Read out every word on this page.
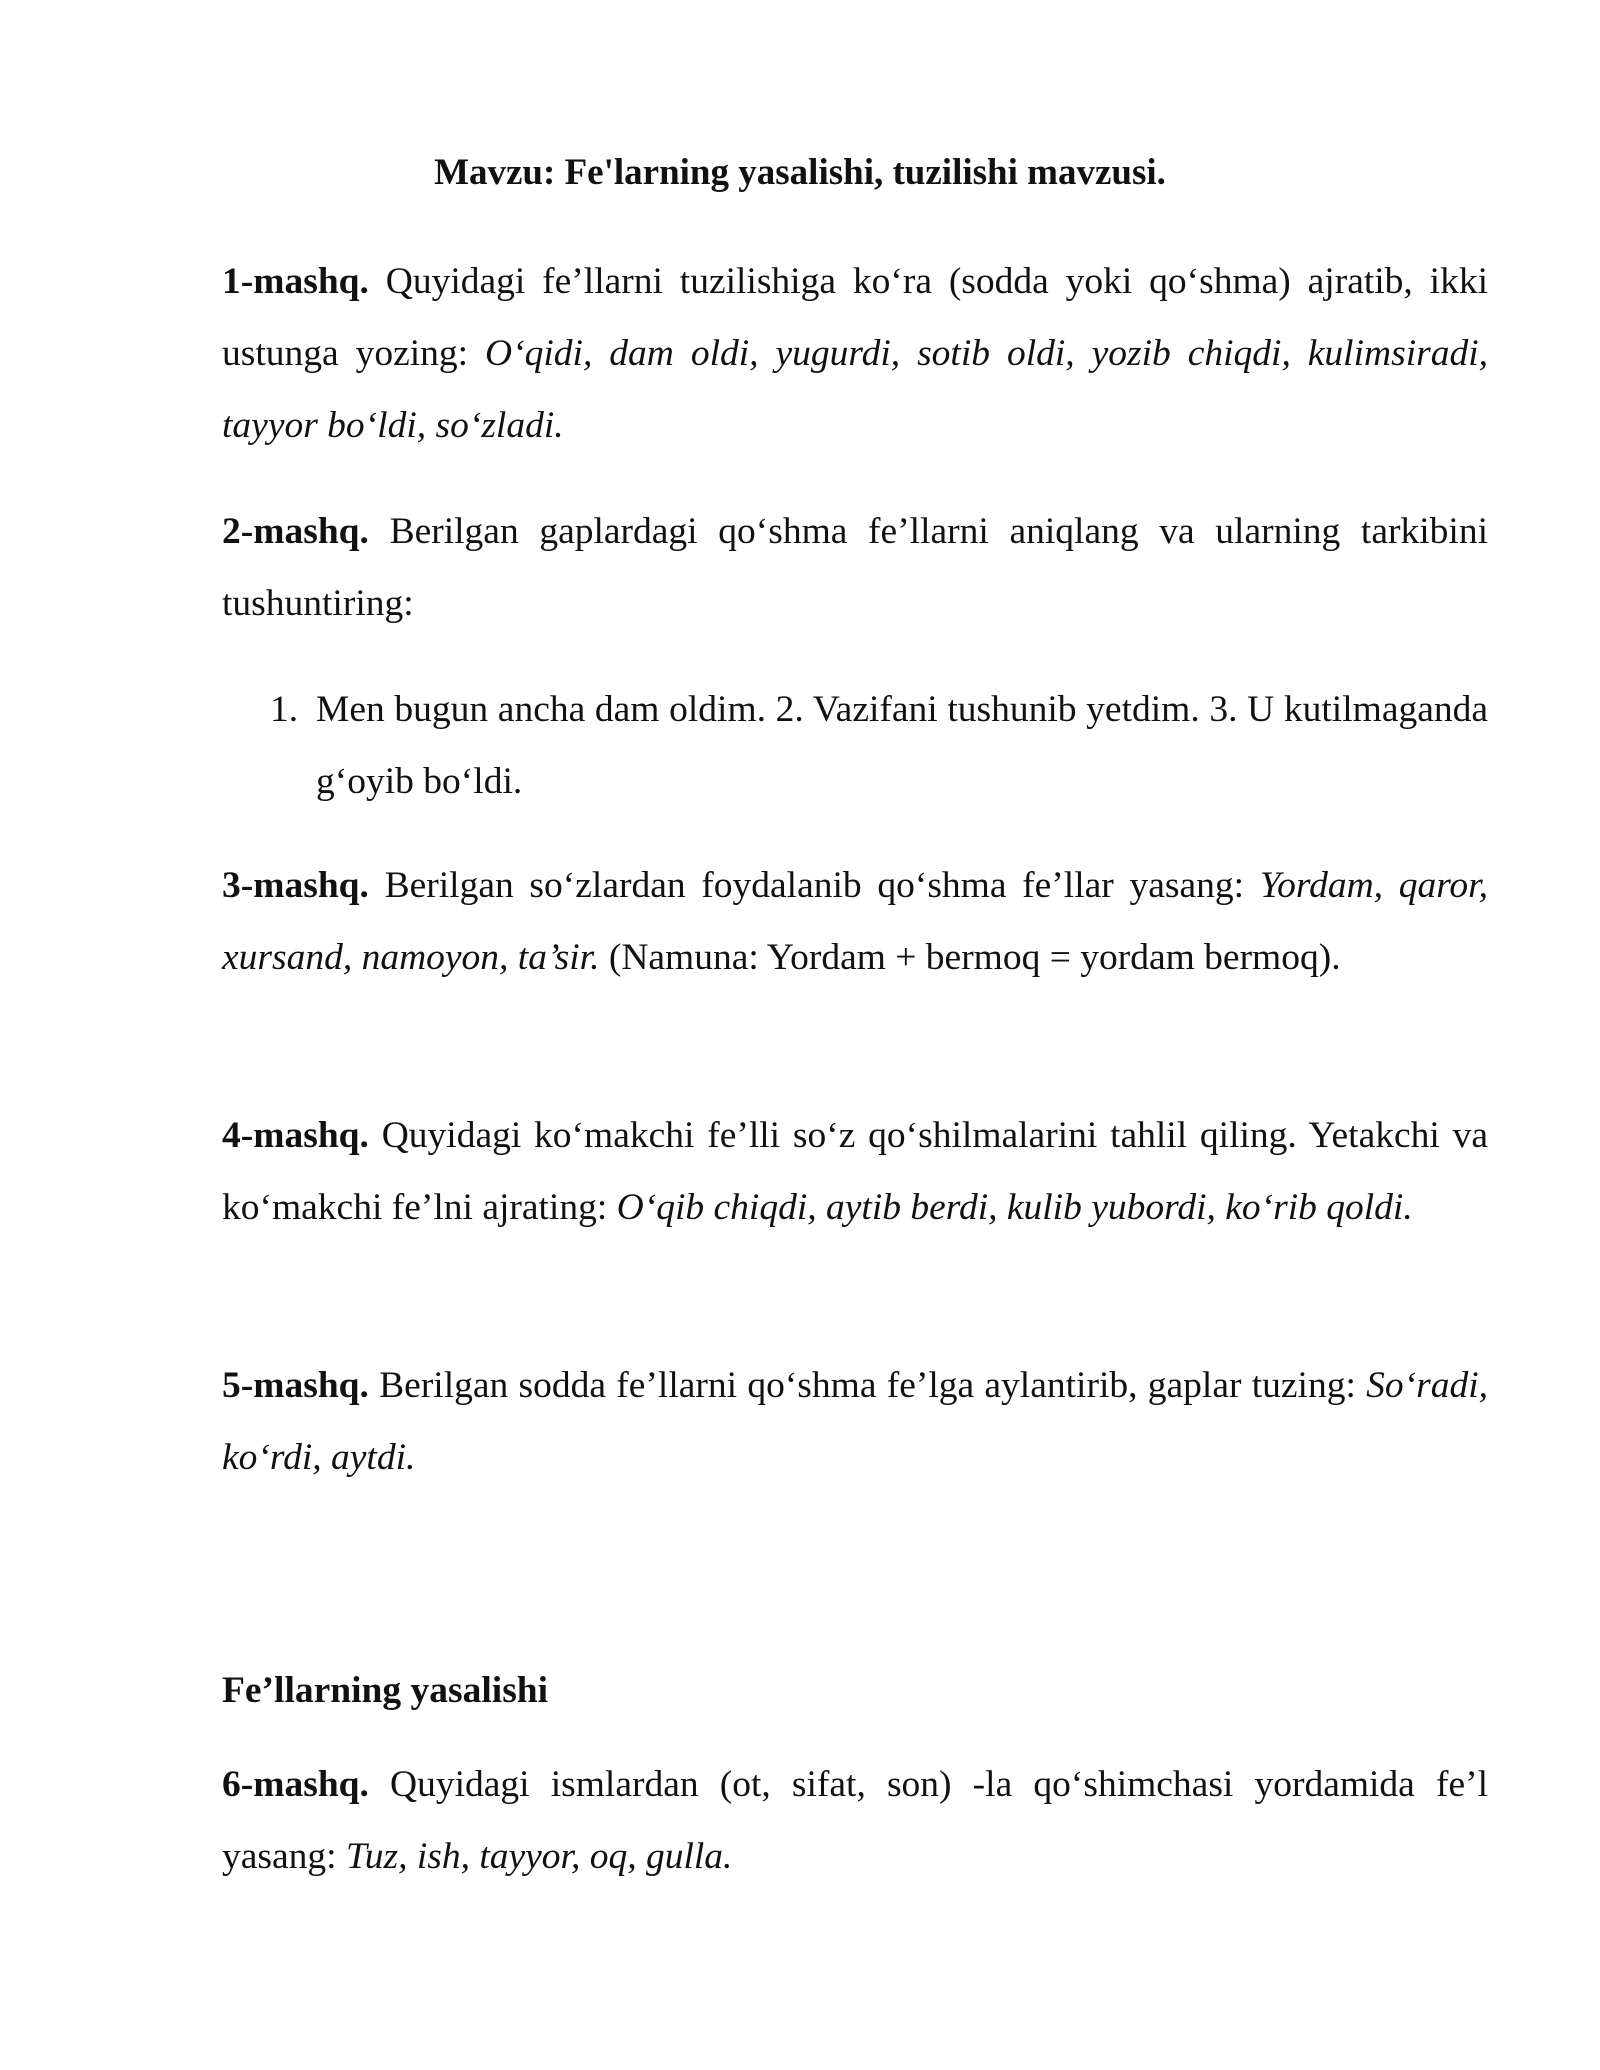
Mavzu: Fe'larning yasalishi, tuzilishi mavzusi.

1-mashq. Quyidagi fe’llarni tuzilishiga ko‘ra (sodda yoki qo‘shma) ajratib, ikki ustunga yozing: O‘qidi, dam oldi, yugurdi, sotib oldi, yozib chiqdi, kulimsiradi, tayyor bo‘ldi, so‘zladi.

2-mashq. Berilgan gaplardagi qo‘shma fe’llarni aniqlang va ularning tarkibini tushuntiring:

1. Men bugun ancha dam oldim. 2. Vazifani tushunib yetdim. 3. U kutilmaganda g‘oyib bo‘ldi.

3-mashq. Berilgan so‘zlardan foydalanib qo‘shma fe’llar yasang: Yordam, qaror, xursand, namoyon, ta’sir. (Namuna: Yordam + bermoq = yordam bermoq).

4-mashq. Quyidagi ko‘makchi fe’lli so‘z qo‘shilmalarini tahlil qiling. Yetakchi va ko‘makchi fe’lni ajrating: O‘qib chiqdi, aytib berdi, kulib yubordi, ko‘rib qoldi.

5-mashq. Berilgan sodda fe’llarni qo‘shma fe’lga aylantirib, gaplar tuzing: So‘radi, ko‘rdi, aytdi.

Fe’llarning yasalishi

6-mashq. Quyidagi ismlardan (ot, sifat, son) -la qo‘shimchasi yordamida fe’l yasang: Tuz, ish, tayyor, oq, gulla.
